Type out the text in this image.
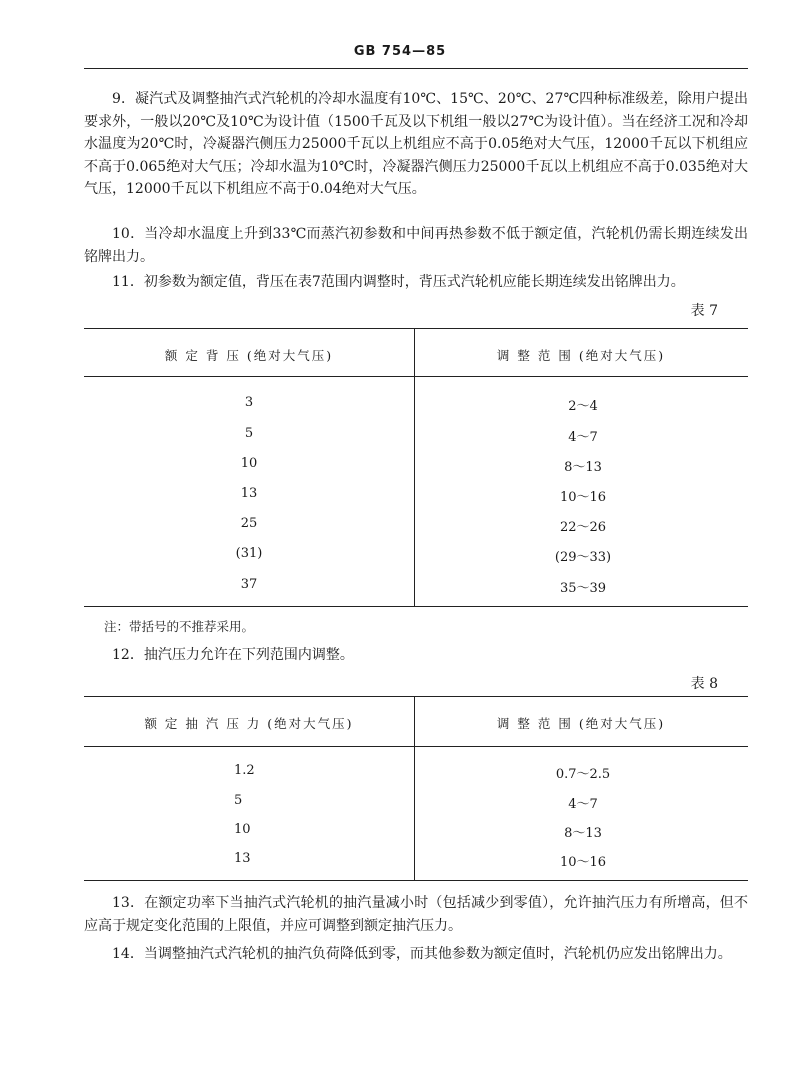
GB 754—85

9．凝汽式及调整抽汽式汽轮机的冷却水温度有10℃、15℃、20℃、27℃四种标准级差，除用户提出要求外，一般以20℃及10℃为设计值（1500千瓦及以下机组一般以27℃为设计值）。当在经济工况和冷却水温度为20℃时，冷凝器汽侧压力25000千瓦以上机组应不高于0.05绝对大气压，12000千瓦以下机组应不高于0.065绝对大气压；冷却水温为10℃时，冷凝器汽侧压力25000千瓦以上机组应不高于0.035绝对大气压，12000千瓦以下机组应不高于0.04绝对大气压。

10．当冷却水温度上升到33℃而蒸汽初参数和中间再热参数不低于额定值，汽轮机仍需长期连续发出铭牌出力。

11．初参数为额定值，背压在表7范围内调整时，背压式汽轮机应能长期连续发出铭牌出力。

表 7
额 定 背 压 (绝对大气压)	调 整 范 围 (绝对大气压)
3	2～4
5	4～7
10	8～13
13	10～16
25	22～26
(31)	(29～33)
37	35～39
注：带括号的不推荐采用。

12．抽汽压力允许在下列范围内调整。

表 8
额 定 抽 汽 压 力 (绝对大气压)	调 整 范 围 (绝对大气压)
1.2	0.7～2.5
5	4～7
10	8～13
13	10～16

13．在额定功率下当抽汽式汽轮机的抽汽量减小时（包括减少到零值），允许抽汽压力有所增高，但不应高于规定变化范围的上限值，并应可调整到额定抽汽压力。

14．当调整抽汽式汽轮机的抽汽负荷降低到零，而其他参数为额定值时，汽轮机仍应发出铭牌出力。
